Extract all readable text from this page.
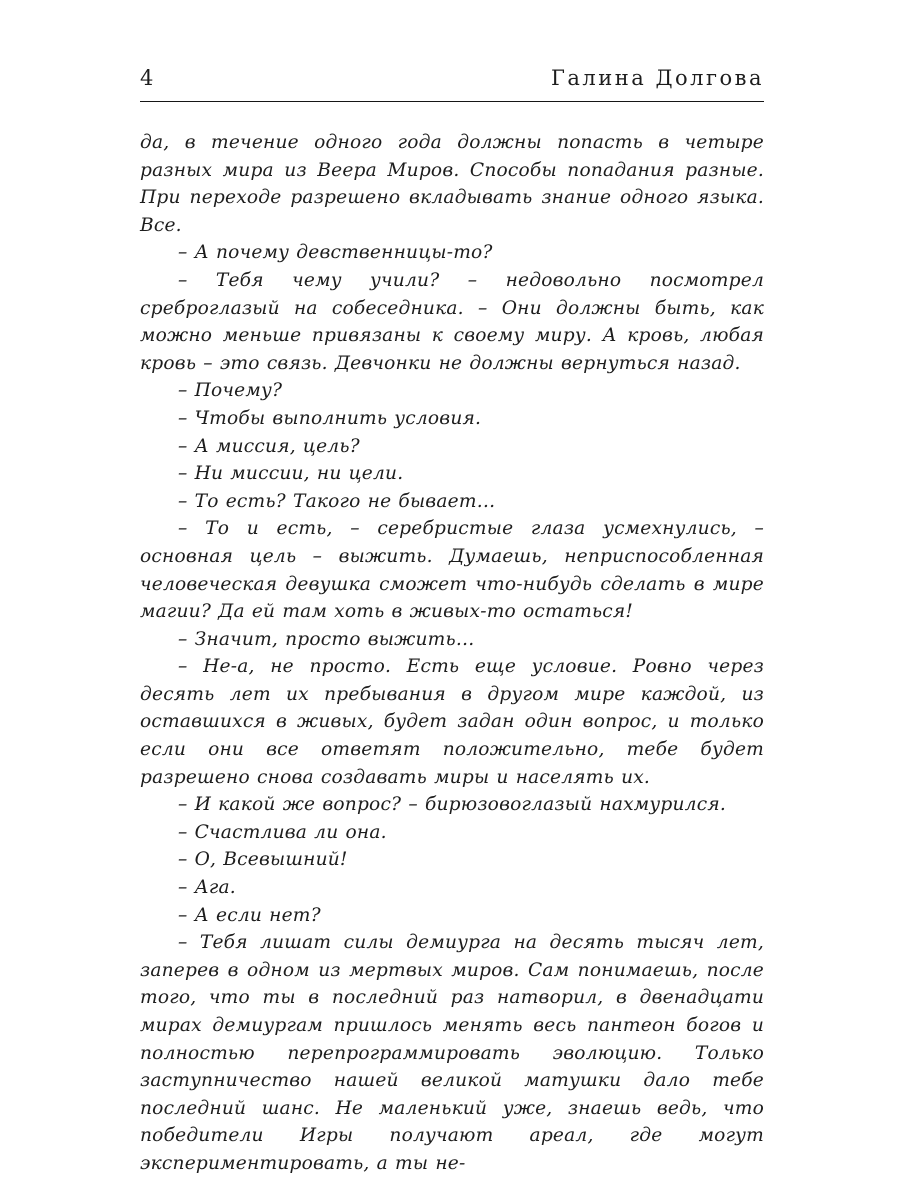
4	Галина Долгова

да, в течение одного года должны попасть в четыре разных мира из Веера Миров. Способы попадания разные. При переходе разрешено вкладывать знание одного языка. Все.

– А почему девственницы-то?

– Тебя чему учили? – недовольно посмотрел среброглазый на собеседника. – Они должны быть, как можно меньше привязаны к своему миру. А кровь, любая кровь – это связь. Девчонки не должны вернуться назад.

– Почему?

– Чтобы выполнить условия.

– А миссия, цель?

– Ни миссии, ни цели.

– То есть? Такого не бывает…

– То и есть, – серебристые глаза усмехнулись, – основная цель – выжить. Думаешь, неприспособленная человеческая девушка сможет что-нибудь сделать в мире магии? Да ей там хоть в живых-то остаться!

– Значит, просто выжить…

– Не-а, не просто. Есть еще условие. Ровно через десять лет их пребывания в другом мире каждой, из оставшихся в живых, будет задан один вопрос, и только если они все ответят положительно, тебе будет разрешено снова создавать миры и населять их.

– И какой же вопрос? – бирюзовоглазый нахмурился.

– Счастлива ли она.

– О, Всевышний!

– Ага.

– А если нет?

– Тебя лишат силы демиурга на десять тысяч лет, заперев в одном из мертвых миров. Сам понимаешь, после того, что ты в последний раз натворил, в двенадцати мирах демиургам пришлось менять весь пантеон богов и полностью перепрограммировать эволюцию. Только заступничество нашей великой матушки дало тебе последний шанс. Не маленький уже, знаешь ведь, что победители Игры получают ареал, где могут экспериментировать, а ты не-
